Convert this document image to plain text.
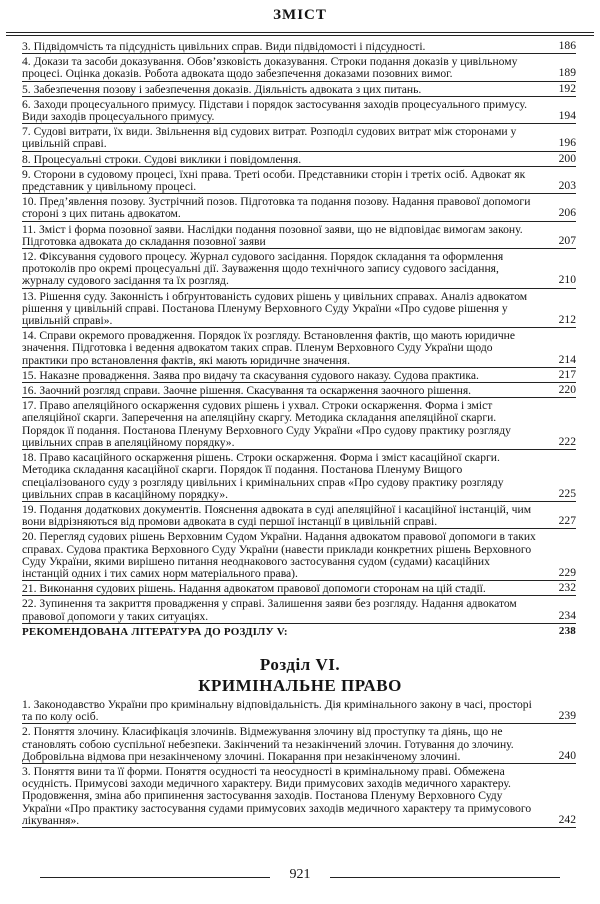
ЗМІСТ
3. Підвідомчість та підсудність цивільних справ. Види підвідомості і підсудності.	186
4. Докази та засоби доказування. Обов’язковість доказування. Строки подання доказів у цивільному процесі. Оцінка доказів. Робота адвоката щодо забезпечення доказами позовних вимог.	189
5. Забезпечення позову і забезпечення доказів. Діяльність адвоката з цих питань.	192
6. Заходи процесуального примусу. Підстави і порядок застосування заходів процесуального примусу. Види заходів процесуального примусу.	194
7. Судові витрати, їх види. Звільнення від судових витрат. Розподіл судових витрат між сторонами у цивільній справі.	196
8. Процесуальні строки. Судові виклики і повідомлення.	200
9. Сторони в судовому процесі, їхні права. Треті особи. Представники сторін і третіх осіб. Адвокат як представник у цивільному процесі.	203
10. Пред’явлення позову. Зустрічний позов. Підготовка та подання позову. Надання правової допомоги стороні з цих питань адвокатом.	206
11. Зміст і форма позовної заяви. Наслідки подання позовної заяви, що не відповідає вимогам закону. Підготовка адвоката до складання позовної заяви	207
12. Фіксування судового процесу. Журнал судового засідання. Порядок складання та оформлення протоколів про окремі процесуальні дії. Зауваження щодо технічного запису судового засідання, журналу судового засідання та їх розгляд.	210
13. Рішення суду. Законність і обґрунтованість судових рішень у цивільних справах. Аналіз адвокатом рішення у цивільній справі. Постанова Пленуму Верховного Суду України «Про судове рішення у цивільній справі».	212
14. Справи окремого провадження. Порядок їх розгляду. Встановлення фактів, що мають юридичне значення. Підготовка і ведення адвокатом таких справ. Пленум Верховного Суду України щодо практики про встановлення фактів, які мають юридичне значення.	214
15. Наказне провадження. Заява про видачу та скасування судового наказу. Судова практика.	217
16. Заочний розгляд справи. Заочне рішення. Скасування та оскарження заочного рішення.	220
17. Право апеляційного оскарження судових рішень і ухвал. Строки оскарження. Форма і зміст апеляційної скарги. Заперечення на апеляційну скаргу. Методика складання апеляційної скарги. Порядок її подання. Постанова Пленуму Верховного Суду України «Про судову практику розгляду цивільних справ в апеляційному порядку».	222
18. Право касаційного оскарження рішень. Строки оскарження. Форма і зміст касаційної скарги. Методика складання касаційної скарги. Порядок її подання. Постанова Пленуму Вищого спеціалізованого суду з розгляду цивільних і кримінальних справ «Про судову практику розгляду цивільних справ в касаційному порядку».	225
19. Подання додаткових документів. Пояснення адвоката в суді апеляційної і касаційної інстанцій, чим вони відрізняються від промови адвоката в суді першої інстанції в цивільній справі.	227
20. Перегляд судових рішень Верховним Судом України. Надання адвокатом правової допомоги в таких справах. Судова практика Верховного Суду України (навести приклади конкретних рішень Верховного Суду України, якими вирішено питання неоднакового застосування судом (судами) касаційних інстанцій одних і тих самих норм матеріального права).	229
21. Виконання судових рішень. Надання адвокатом правової допомоги сторонам на цій стадії.	232
22. Зупинення та закриття провадження у справі. Залишення заяви без розгляду. Надання адвокатом правової допомоги у таких ситуаціях.	234
РЕКОМЕНДОВАНА ЛІТЕРАТУРА ДО РОЗДІЛУ V:	238
Розділ VI.
КРИМІНАЛЬНЕ ПРАВО
1. Законодавство України про кримінальну відповідальність. Дія кримінального закону в часі, просторі та по колу осіб.	239
2. Поняття злочину. Класифікація злочинів. Відмежування злочину від проступку та діянь, що не становлять собою суспільної небезпеки. Закінчений та незакінчений злочин. Готування до злочину. Добровільна відмова при незакінченому злочині. Покарання при незакінченому злочині.	240
3. Поняття вини та її форми. Поняття осудності та неосудності в кримінальному праві. Обмежена осудність. Примусові заходи медичного характеру. Види примусових заходів медичного характеру. Продовження, зміна або припинення застосування заходів. Постанова Пленуму Верховного Суду України «Про практику застосування судами примусових заходів медичного характеру та примусового лікування».	242
921
